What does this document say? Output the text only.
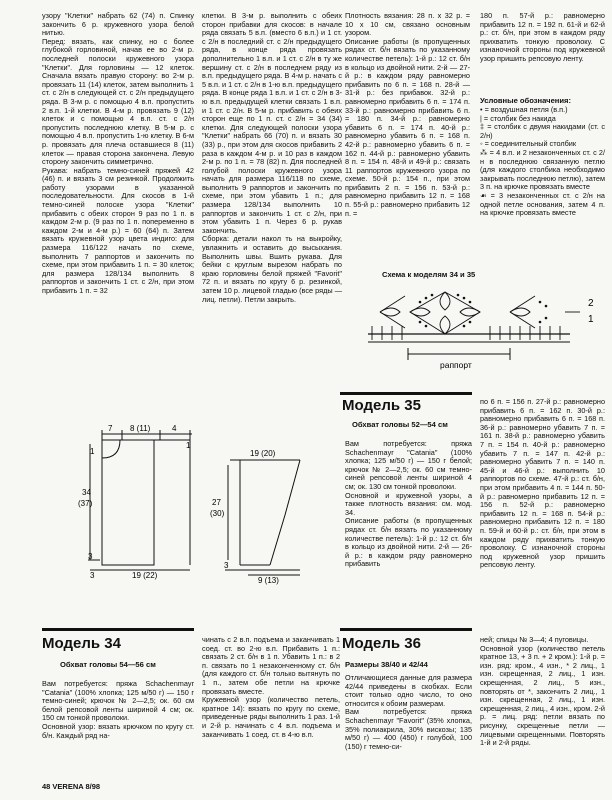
узору "Клетки" набрать 62 (74) п. Спинку закончить 6 р. кружевного узора белой нитью.
Перед: вязать, как спинку, но с более глубокой горловиной, начав ее во 2-м р. последней полоски кружевного узора "Клетки". Для горловины — 12 клеток. Сначала вязать правую сторону: во 2-м р. провязать 11 (14) клеток, затем выполнить 1 ст. с 2/н в следующей ст. с 2/н предыдущего ряда. В 3-м р. с помощью 4 в.п. пропустить 2 в.п. 1-й клетки. В 4-м р. провязать 9 (12) клеток и с помощью 4 в.п. ст. с 2/н пропустить последнюю клетку. В 5-м р. с помощью 4 в.п. пропустить 1-ю клетку. В 6-м р. провязать для плеча оставшиеся 8 (11) клеток — правая сторона закончена. Левую сторону закончить симметрично.
Рукава: набрать темно-синей пряжей 42 (46) п. и вязать 3 см резинкой. Продолжить работу узорами в указанной последовательности. Для скосов в 1-й темно-синей полоске узора "Клетки" прибавить с обеих сторон 9 раз по 1 п. в каждом 2-м р. (9 раз по 1 п. попеременно в каждом 2-м и 4-м р.) = 60 (64) п. Затем вязать кружевной узор цвета индиго: для размера 116/122 начать по схеме, выполнить 7 раппортов и закончить по схеме, при этом прибавить 1 п. = 30 клеток; для размера 128/134 выполнить 8 раппортов и закончить 1 ст. с 2/н, при этом прибавить 1 п. = 32
клетки. В 3-м р. выполнить с обеих сторон прибавки для скосов: в начале ряда связать 5 в.п. (вместо 6 в.п.) и 1 ст. с 2/н в последний ст. с 2/н предыдущего ряда, в конце ряда провязать дополнительно 1 в.п. и 1 ст. с 2/н в ту же вершину ст. с 2/н в последнем ряду из в.п. предыдущего ряда. В 4-м р. начать с 5 в.п. и 1 ст. с 2/н в 1-ю в.п. предыдущего ряда. В конце ряда 1 в.п. и 1 ст. с 2/н в 3-ю в.п. предыдущей клетки связать 1 в.п. и 1 ст. с 2/н. В 5-м р. прибавить с обеих сторон еще по 1 п. ст. с 2/н = 34 (34) клетки. Для следующей полоски узора "Клетки" набрать 66 (70) п. и вязать 30 (33) р., при этом для скосов прибавить 2 раза в каждом 4-м р. и 10 раз в каждом 2-м р. по 1 п. = 78 (82) п. Для последней голубой полоски кружевного узора начать для размера 116/118 по схеме, выполнить 9 раппортов и закончить по схеме, при этом убавить 1 п.; для размера 128/134 выполнить 10 раппортов и закончить 1 ст. с 2/н, при этом убавить 1 п. Через 6 р. рукав закончить.
Сборка: детали накол ть на выкройку, увлажнить и оставить до высыхания. Выполнить швы. Вшить рукава. Для бейки с круглым вырезом набрать по краю горловины белой пряжей "Favorit" 72 п. и вязать по кругу 6 р. резинкой, затем 10 р. лицевой гладью (все ряды — лиц. петли). Петли закрыть.
Плотность вязания: 28 п. х 32 р. = 10 х 10 см, связано основным узором.
Описание работы (в пропущенных рядах ст. б/н вязать по указанному количестве петель): 1-й р.: 12 ст. б/н в кольцо из двойной нити. 2-й — 27-й р.: в каждом ряду равномерно прибавить по 6 п. = 168 п. 28-й — 31-й р.: без прибавок. 32-й р.: равномерно прибавить 6 п. = 174 п. 33-й р.: равномерно прибавить 6 п. = 180 п. 34-й р.: равномерно убавить 6 п. = 174 п. 40-й р.: равномерно убавить 6 п. = 168 п. 42-й р.: равномерно убавить 6 п. = 162 п. 44-й р.: равномерно убавить 8 п. = 154 п. 48-й и 49-й р.: связать 11 раппортов кружевного узора по схеме. 50-й р.: 154 п., при этом прибавить 2 п. = 156 п. 53-й р.: равномерно прибавить 12 п. = 168 п. 55-й р.: равномерно прибавить 12 п. =
180 п. 57-й р.: равномерно прибавить 12 п. = 192 п. 61-й и 62-й р.: ст. б/н, при этом в каждом ряду прихватить тонкую проволоку. С изнаночной стороны под кружевной узор пришить репсовую ленту.
Условные обозначения:
• = воздушная петля (в.п.)
| = столбик без накида
‡ = столбик с двумя накидами (ст. с 2/н)
◦ = соединительный столбик
⁂ = 4 в.п. и 2 незаконченных ст. с 2/н в последнюю связанную петлю (для каждого столбика необходимо закрывать последнюю петлю), затем 3 п. на крючке провязать вместе
☙ = 3 незаконченных ст. с 2/н на одной петле основания, затем 4 п. на крючке провязать вместе
Схема к моделям 34 и 35
2
1
раппорт
7 8 (11)	4
1
34
(37)
3
3	19 (22)
1
19 (20)
27
(30)
3
9 (13)
Модель 35
Обхват головы 52—54 см
Вам потребуется: пряжа Schachenmayr "Catania" (100% хлопка; 125 м/50 г) — 150 г белой; крючок № 2—2,5; ок. 60 см темно-синей репсовой ленты шириной 4 см; ок. 130 см тонкой проволоки.
Основной и кружевной узоры, а также плотность вязания: см. мод. 34.
Описание работы (в пропущенных рядах ст. б/н вязать по указанному количестве петель): 1-й р.: 12 ст. б/н в кольцо из двойной нити. 2-й — 26-й р.: в каждом ряду равномерно прибавить
по 6 п. = 156 п. 27-й р.: равномерно прибавить 6 п. = 162 п. 30-й р.: равномерно прибавить 6 п. = 168 п. 36-й р.: равномерно убавить 7 п. = 161 п. 38-й р.: равномерно убавить 7 п. = 154 п. 40-й р.: равномерно убавить 7 п. = 147 п. 42-й р.: равномерно убавить 7 п. = 140 п. 45-й и 46-й р.: выполнить 10 раппортов по схеме. 47-й р.: ст. б/н, при этом прибавить 4 п. = 144 п. 50-й р.: равномерно прибавить 12 п. = 156 п. 52-й р.: равномерно прибавить 12 п. = 168 п. 54-й р.: равномерно прибавить 12 п. = 180 п. 59-й и 60-й р.: ст. б/н, при этом в каждом ряду прихватить тонкую проволоку. С изнаночной стороны под кружевной узор пришить репсовую ленту.
Модель 34
Обхват головы 54—56 см
Вам потребуется: пряжа Schachenmayr "Catania" (100% хлопка; 125 м/50 г) — 150 г темно-синей; крючок № 2—2,5; ок. 60 см белой репсовой ленты шириной 4 см; ок. 150 см тонкой проволоки.
Основной узор: вязать крючком по кругу ст. б/н. Каждый ряд на-
чинать с 2 в.п. подъема и заканчивать 1 соед. ст. во 2-ю в.п. Прибавить 1 п.: связать 2 ст. б/н в 1 п. Убавить 1 п.: в 2 п. связать по 1 незаконченному ст. б/н (для каждого ст. б/н только вытянуть по 1 п., затем обе петли на крючке провязать вместе.
Кружевной узор (количество петель, кратное 14): вязать по кругу по схеме, приведенные ряды выполнить 1 раз. 1-й и 2-й р. начинать с 4 в.п. подъема и заканчивать 1 соед. ст. в 4-ю в.п.
Модель 36
Размеры 38/40 и 42/44
Отличающиеся данные для размера 42/44 приведены в скобках. Если стоит только одно число, то оно относится к обоим размерам.
Вам потребуется: пряжа Schachenmayr "Favorit" (35% хлопка, 35% полиакрила, 30% вискозы; 135 м/50 г) — 400 (450) г голубой, 100 (150) г темно-си-
ней; спицы № 3—4; 4 пуговицы.
Основной узор (количество петель кратное 13, + 3 п. + 2 кром.): 1-й р. = изн. ряд: кром., 4 изн., * 2 лиц., 1 изн. скрещенная, 2 лиц., 1 изн. скрещенная, 2 лиц., 5 изн., повторять от *, закончить 2 лиц., 1 изн. скрещенная, 2 лиц., 1 изн. скрещенная, 2 лиц., 4 изн., кром. 2-й р. = лиц. ряд: петли вязать по рисунку, скрещенные петли — лицевыми скрещенными. Повторять 1-й и 2-й ряды.
48 VERENA 8/98
